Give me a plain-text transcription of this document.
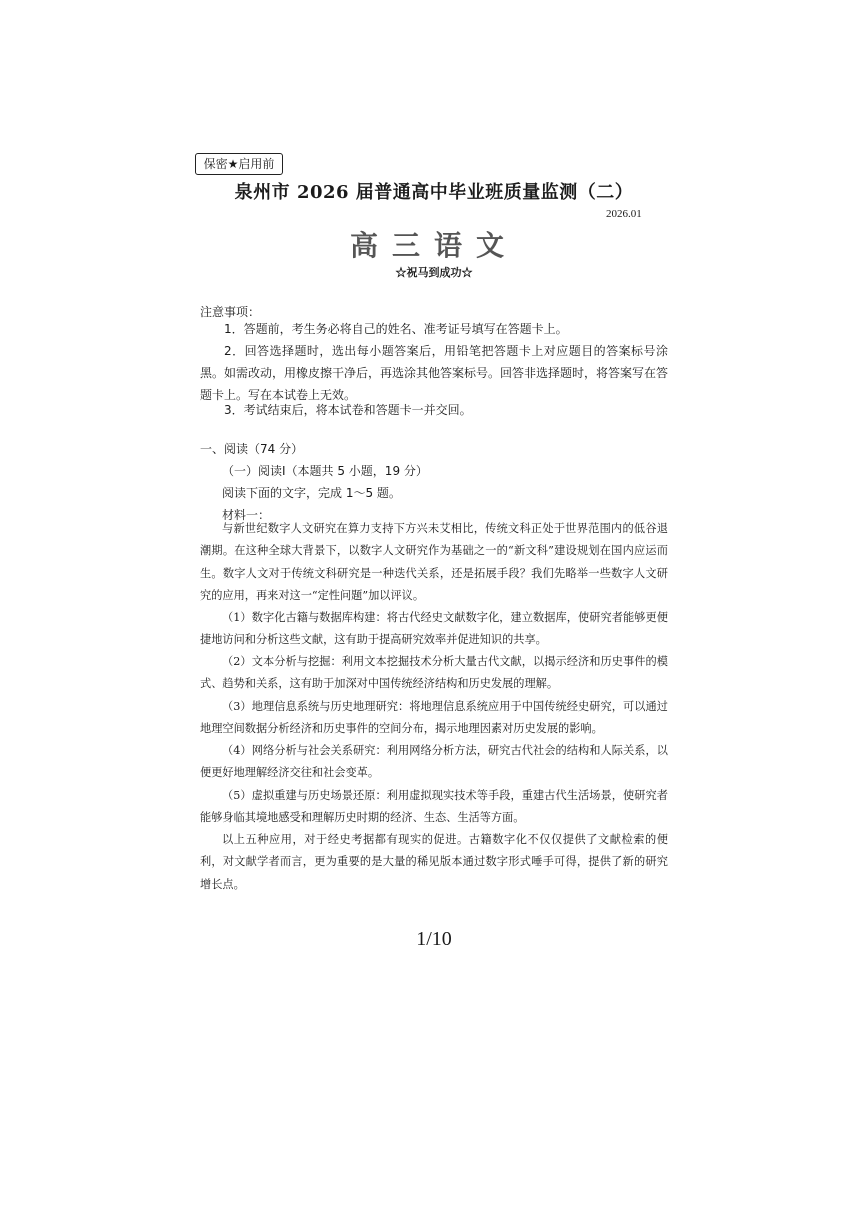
保密★启用前
泉州市 2026 届普通高中毕业班质量监测（二）
2026.01
高三语文
☆祝马到成功☆
注意事项：
1．答题前，考生务必将自己的姓名、准考证号填写在答题卡上。
2．回答选择题时，选出每小题答案后，用铅笔把答题卡上对应题目的答案标号涂黑。如需改动，用橡皮擦干净后，再选涂其他答案标号。回答非选择题时，将答案写在答题卡上。写在本试卷上无效。
3．考试结束后，将本试卷和答题卡一并交回。
一、阅读（74 分）
（一）阅读Ⅰ（本题共 5 小题，19 分）
阅读下面的文字，完成 1～5 题。
材料一：
与新世纪数字人文研究在算力支持下方兴未艾相比，传统文科正处于世界范围内的低谷退潮期。在这种全球大背景下，以数字人文研究作为基础之一的“新文科”建设规划在国内应运而生。数字人文对于传统文科研究是一种迭代关系，还是拓展手段？我们先略举一些数字人文研究的应用，再来对这一“定性问题”加以评议。
（1）数字化古籍与数据库构建：将古代经史文献数字化，建立数据库，使研究者能够更便捷地访问和分析这些文献，这有助于提高研究效率并促进知识的共享。
（2）文本分析与挖掘：利用文本挖掘技术分析大量古代文献，以揭示经济和历史事件的模式、趋势和关系，这有助于加深对中国传统经济结构和历史发展的理解。
（3）地理信息系统与历史地理研究：将地理信息系统应用于中国传统经史研究，可以通过地理空间数据分析经济和历史事件的空间分布，揭示地理因素对历史发展的影响。
（4）网络分析与社会关系研究：利用网络分析方法，研究古代社会的结构和人际关系，以便更好地理解经济交往和社会变革。
（5）虚拟重建与历史场景还原：利用虚拟现实技术等手段，重建古代生活场景，使研究者能够身临其境地感受和理解历史时期的经济、生态、生活等方面。
以上五种应用，对于经史考据都有现实的促进。古籍数字化不仅仅提供了文献检索的便利，对文献学者而言，更为重要的是大量的稀见版本通过数字形式唾手可得，提供了新的研究增长点。
1/10
